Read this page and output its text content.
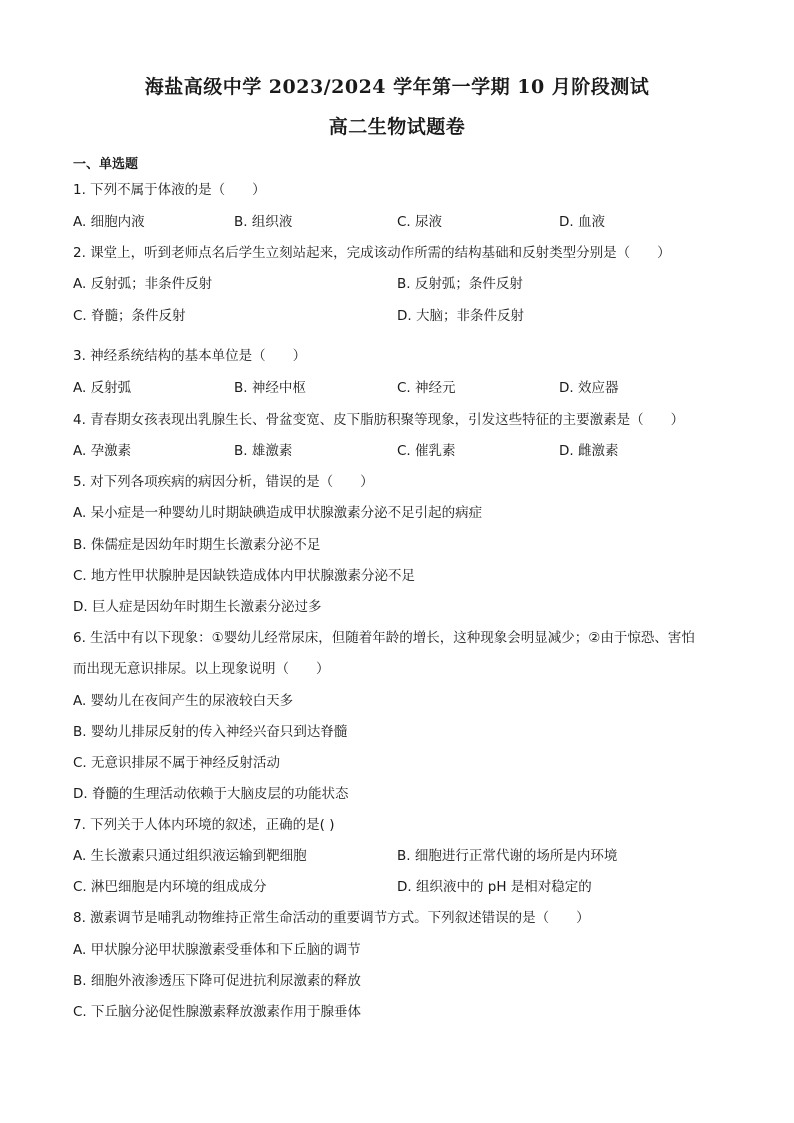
海盐高级中学 2023/2024 学年第一学期 10 月阶段测试
高二生物试题卷
一、单选题
1. 下列不属于体液的是（　　）
A. 细胞内液	B. 组织液	C. 尿液	D. 血液
2. 课堂上，听到老师点名后学生立刻站起来，完成该动作所需的结构基础和反射类型分别是（　　）
A. 反射弧；非条件反射	B. 反射弧；条件反射
C. 脊髓；条件反射	D. 大脑；非条件反射
3. 神经系统结构的基本单位是（　　）
A. 反射弧	B. 神经中枢	C. 神经元	D. 效应器
4. 青春期女孩表现出乳腺生长、骨盆变宽、皮下脂肪积聚等现象，引发这些特征的主要激素是（　　）
A. 孕激素	B. 雄激素	C. 催乳素	D. 雌激素
5. 对下列各项疾病的病因分析，错误的是（　　）
A. 呆小症是一种婴幼儿时期缺碘造成甲状腺激素分泌不足引起的病症
B. 侏儒症是因幼年时期生长激素分泌不足
C. 地方性甲状腺肿是因缺铁造成体内甲状腺激素分泌不足
D. 巨人症是因幼年时期生长激素分泌过多
6. 生活中有以下现象：①婴幼儿经常尿床，但随着年龄的增长，这种现象会明显减少；②由于惊恐、害怕
而出现无意识排尿。以上现象说明（　　）
A. 婴幼儿在夜间产生的尿液较白天多
B. 婴幼儿排尿反射的传入神经兴奋只到达脊髓
C. 无意识排尿不属于神经反射活动
D. 脊髓的生理活动依赖于大脑皮层的功能状态
7. 下列关于人体内环境的叙述，正确的是( )
A. 生长激素只通过组织液运输到靶细胞	B. 细胞进行正常代谢的场所是内环境
C. 淋巴细胞是内环境的组成成分	D. 组织液中的 pH 是相对稳定的
8. 激素调节是哺乳动物维持正常生命活动的重要调节方式。下列叙述错误的是（　　）
A. 甲状腺分泌甲状腺激素受垂体和下丘脑的调节
B. 细胞外液渗透压下降可促进抗利尿激素的释放
C. 下丘脑分泌促性腺激素释放激素作用于腺垂体
